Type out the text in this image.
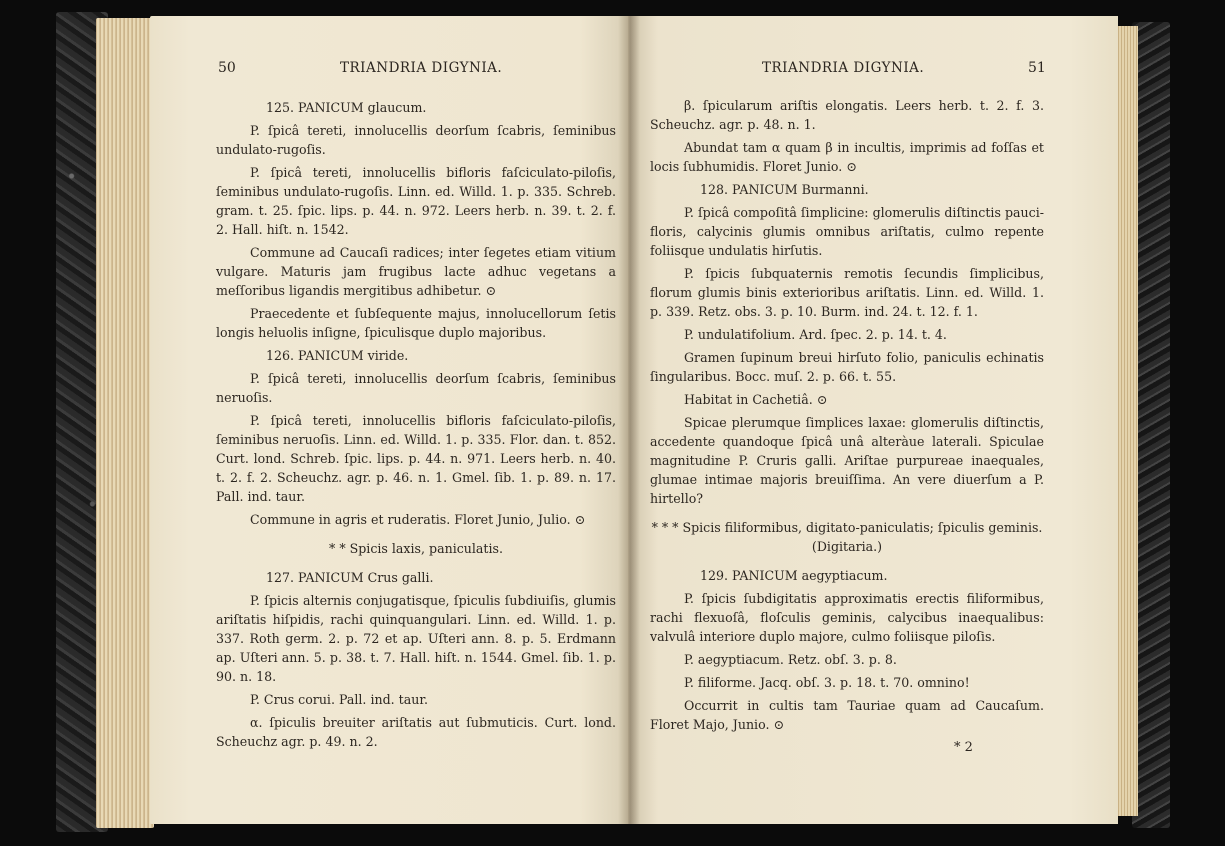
50	TRIANDRIA DIGYNIA.

125. PANICUM glaucum.

P. ſpicâ tereti, innolucellis deorſum ſcabris, ſeminibus undulato-rugoſis.

P. ſpicâ tereti, innolucellis bifloris faſciculato-piloſis, ſeminibus undulato-rugoſis. Linn. ed. Willd. 1. p. 335. Schreb. gram. t. 25. ſpic. lips. p. 44. n. 972. Leers herb. n. 39. t. 2. f. 2. Hall. hiſt. n. 1542.

Commune ad Caucaſi radices; inter ſegetes etiam vitium vulgare. Maturis jam frugibus lacte adhuc vegetans a meſſoribus ligandis mergitibus adhibetur. ⊙

Praecedente et ſubſequente majus, innolucellorum ſetis longis heluolis inſigne, ſpiculisque duplo majoribus.

126. PANICUM viride.

P. ſpicâ tereti, innolucellis deorſum ſcabris, ſeminibus neruoſis.

P. ſpicâ tereti, innolucellis bifloris faſciculato-piloſis, ſeminibus neruoſis. Linn. ed. Willd. 1. p. 335. Flor. dan. t. 852. Curt. lond. Schreb. ſpic. lips. p. 44. n. 971. Leers herb. n. 40. t. 2. f. 2. Scheuchz. agr. p. 46. n. 1. Gmel. ſib. 1. p. 89. n. 17. Pall. ind. taur.

Commune in agris et ruderatis. Floret Junio, Julio. ⊙

* * Spicis laxis, paniculatis.

127. PANICUM Crus galli.

P. ſpicis alternis conjugatisque, ſpiculis ſubdiuiſis, glumis ariſtatis hiſpidis, rachi quinquangulari. Linn. ed. Willd. 1. p. 337. Roth germ. 2. p. 72 et ap. Uſteri ann. 8. p. 5. Erdmann ap. Uſteri ann. 5. p. 38. t. 7. Hall. hiſt. n. 1544. Gmel. ſib. 1. p. 90. n. 18.

P. Crus corui. Pall. ind. taur.

α. ſpiculis breuiter ariſtatis aut ſubmuticis. Curt. lond. Scheuchz agr. p. 49. n. 2.

TRIANDRIA DIGYNIA.	51

β. ſpicularum ariſtis elongatis. Leers herb. t. 2. f. 3. Scheuchz. agr. p. 48. n. 1.

Abundat tam α quam β in incultis, imprimis ad foſſas et locis ſubhumidis. Floret Junio. ⊙

128. PANICUM Burmanni.

P. ſpicâ compoſitâ ſimplicine: glomerulis diſtinctis pauci-floris, calycinis glumis omnibus ariſtatis, culmo repente foliisque undulatis hirſutis.

P. ſpicis ſubquaternis remotis ſecundis ſimplicibus, florum glumis binis exterioribus ariſtatis. Linn. ed. Willd. 1. p. 339. Retz. obs. 3. p. 10. Burm. ind. 24. t. 12. f. 1.

P. undulatifolium. Ard. ſpec. 2. p. 14. t. 4.

Gramen ſupinum breui hirſuto folio, paniculis echinatis ſingularibus. Bocc. muſ. 2. p. 66. t. 55.

Habitat in Cachetiâ. ⊙

Spicae plerumque ſimplices laxae: glomerulis diſtinctis, accedente quandoque ſpicâ unâ alteràue laterali. Spiculae magnitudine P. Cruris galli. Ariſtae purpureae inaequales, glumae intimae majoris breuiſſima. An vere diuerſum a P. hirtello?

* * * Spicis filiformibus, digitato-paniculatis; ſpiculis geminis. (Digitaria.)

129. PANICUM aegyptiacum.

P. ſpicis ſubdigitatis approximatis erectis filiformibus, rachi flexuoſâ, floſculis geminis, calycibus inaequalibus: valvulâ interiore duplo majore, culmo foliisque piloſis.

P. aegyptiacum. Retz. obſ. 3. p. 8.

P. filiforme. Jacq. obſ. 3. p. 18. t. 70. omnino!

Occurrit in cultis tam Tauriae quam ad Caucaſum. Floret Majo, Junio. ⊙

* 2
